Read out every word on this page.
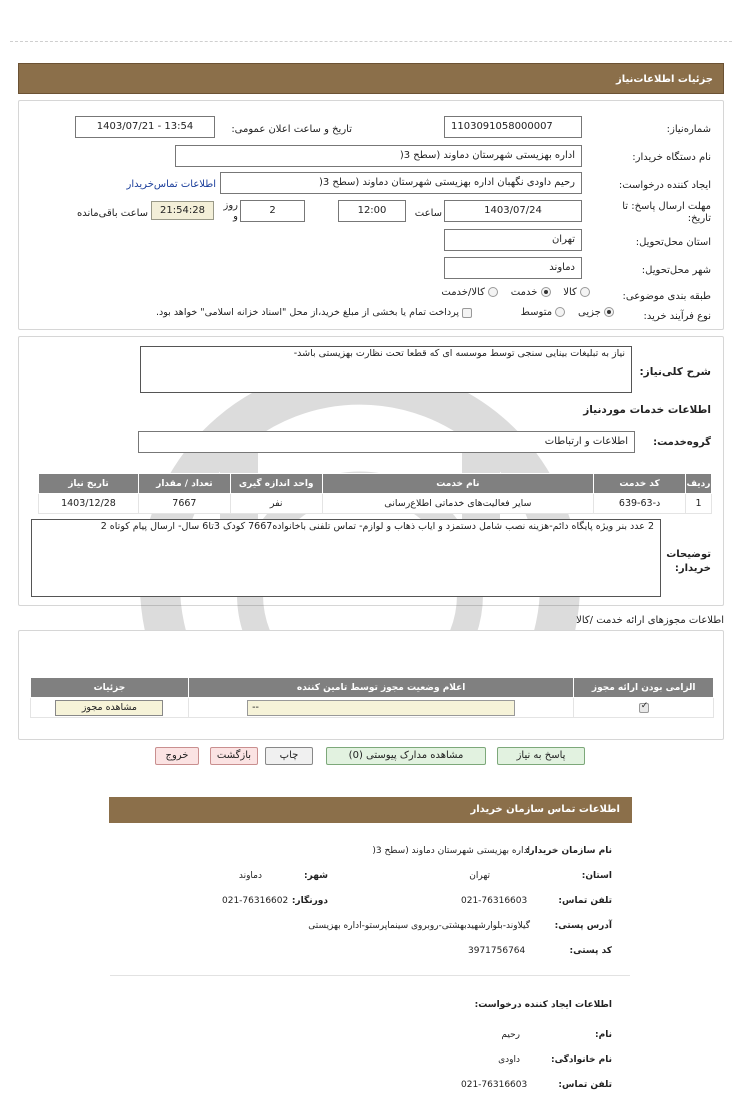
جزئیات اطلاعات‌نیاز
شماره‌نیاز:
1103091058000007
تاریخ و ساعت اعلان عمومی:
1403/07/21 - 13:54
نام دستگاه خریدار:
اداره بهزیستی شهرستان دماوند (سطح 3(
ایجاد کننده درخواست:
رحیم داودی نگهبان اداره بهزیستی شهرستان دماوند (سطح 3(
اطلاعات تماس‌خریدار
مهلت ارسال پاسخ: تا تاریخ:
1403/07/24
ساعت
12:00
2
روز و
21:54:28
ساعت باقی‌مانده
استان محل‌تحویل:
تهران
شهر محل‌تحویل:
دماوند
طبقه بندی موضوعی:
کالا     خدمت     کالا/خدمت
نوع فرآیند خرید:
جزیی     متوسط
پرداخت تمام یا بخشی از مبلغ خرید،از محل "اسناد خزانه اسلامی" خواهد بود.
شرح کلی‌نیاز:
نیاز به تبلیغات بینایی سنجی توسط موسسه ای که قطعا تحت نظارت بهزیستی باشد-
اطلاعات خدمات موردنیاز
گروه‌خدمت:
اطلاعات و ارتباطات
ردیف	کد خدمت	نام خدمت	واحد اندازه گیری	تعداد / مقدار	تاریخ نیاز
1	د-63-639	سایر فعالیت‌های خدماتی اطلاع‌رسانی	نفر	7667	1403/12/28
2 عدد بنر ویژه پایگاه دائم-هزینه نصب شامل دستمزد و ایاب ذهاب و لوازم- تماس تلفنی باخانواده7667 کودک 3تا6 سال- ارسال پیام کوتاه 2
توضیحات خریدار:
اطلاعات مجوزهای ارائه خدمت /کالا
الزامی بودن ارائه مجوز	اعلام وضعیت مجوز توسط تامین کننده	جزئیات

✓	--	مشاهده مجوز
پاسخ به نیاز
مشاهده مدارک پیوستی (0)
چاپ
بازگشت
خروج
اطلاعات تماس سازمان خریدار
نام سازمان خریدار:
اداره بهزیستی شهرستان دماوند (سطح 3(
استان:
تهران
شهر:
دماوند
تلفن تماس:
021-76316603
دورنگار:
021-76316602
آدرس پستی:
گیلاوند-بلوارشهیدبهشتی-روبروی سینماپرستو-اداره بهزیستی
کد پستی:
3971756764
اطلاعات ایجاد کننده درخواست:
نام:
رحیم
نام خانوادگی:
داودی
تلفن تماس:
021-76316603
